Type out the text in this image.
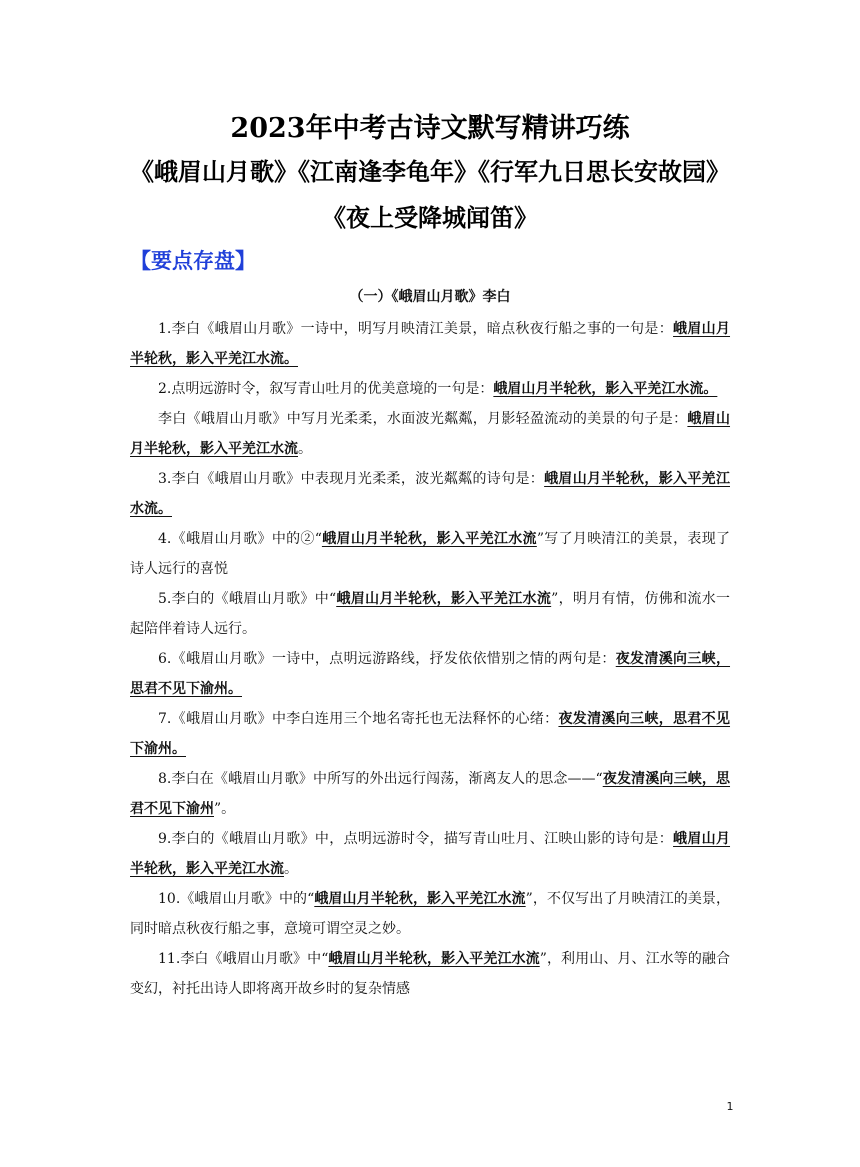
2023年中考古诗文默写精讲巧练
《峨眉山月歌》《江南逢李龟年》《行军九日思长安故园》
《夜上受降城闻笛》
【要点存盘】
（一）《峨眉山月歌》李白

1.李白《峨眉山月歌》一诗中，明写月映清江美景，暗点秋夜行船之事的一句是：峨眉山月半轮秋，影入平羌江水流。

2.点明远游时令，叙写青山吐月的优美意境的一句是：峨眉山月半轮秋，影入平羌江水流。

李白《峨眉山月歌》中写月光柔柔，水面波光粼粼，月影轻盈流动的美景的句子是：峨眉山月半轮秋，影入平羌江水流。

3.李白《峨眉山月歌》中表现月光柔柔，波光粼粼的诗句是：峨眉山月半轮秋，影入平羌江水流。

4.《峨眉山月歌》中的②“峨眉山月半轮秋，影入平羌江水流”写了月映清江的美景，表现了诗人远行的喜悦

5.李白的《峨眉山月歌》中“峨眉山月半轮秋，影入平羌江水流”，明月有情，仿佛和流水一起陪伴着诗人远行。

6.《峨眉山月歌》一诗中，点明远游路线，抒发依依惜别之情的两句是：夜发清溪向三峡，思君不见下渝州。

7.《峨眉山月歌》中李白连用三个地名寄托也无法释怀的心绪：夜发清溪向三峡，思君不见下渝州。

8.李白在《峨眉山月歌》中所写的外出远行闯荡，渐离友人的思念——“夜发清溪向三峡，思君不见下渝州”。

9.李白的《峨眉山月歌》中，点明远游时令，描写青山吐月、江映山影的诗句是：峨眉山月半轮秋，影入平羌江水流。

10.《峨眉山月歌》中的“峨眉山月半轮秋，影入平羌江水流”，不仅写出了月映清江的美景，同时暗点秋夜行船之事，意境可谓空灵之妙。

11.李白《峨眉山月歌》中“峨眉山月半轮秋，影入平羌江水流”，利用山、月、江水等的融合变幻，衬托出诗人即将离开故乡时的复杂情感

1
